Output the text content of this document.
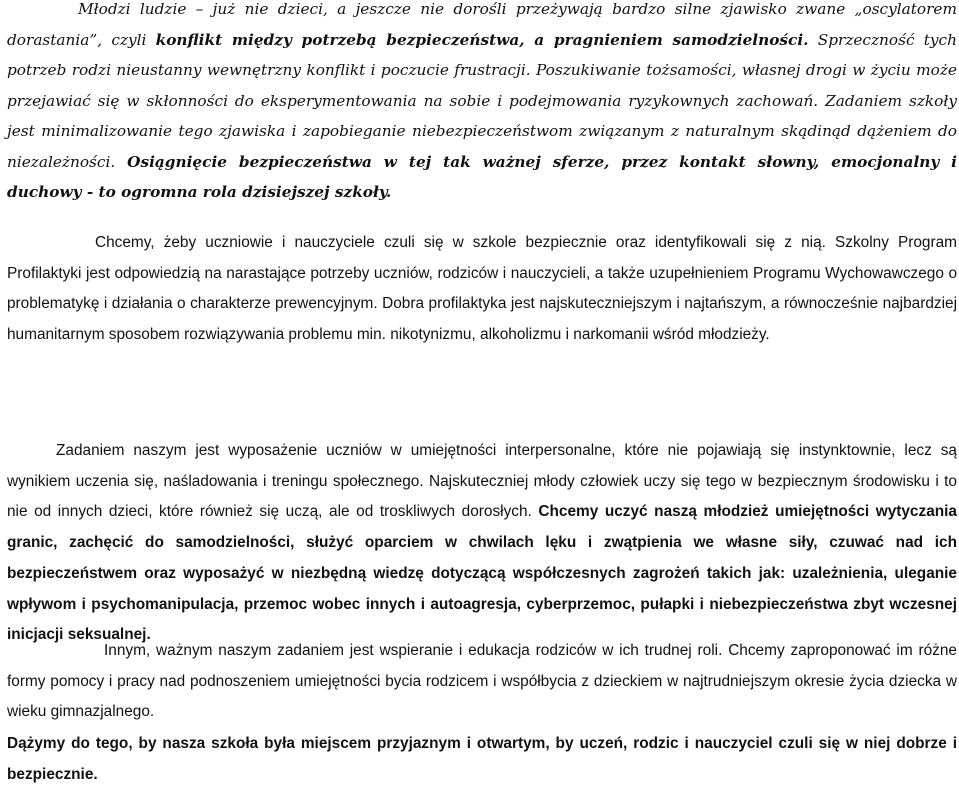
Młodzi ludzie – już nie dzieci, a jeszcze nie dorośli przeżywają bardzo silne zjawisko zwane „oscylatorem dorastania”, czyli konflikt między potrzebą bezpieczeństwa, a pragnieniem samodzielności. Sprzeczność tych potrzeb rodzi nieustanny wewnętrzny konflikt i poczucie frustracji. Poszukiwanie tożsamości, własnej drogi w życiu może przejawiać się w skłonności do eksperymentowania na sobie i podejmowania ryzykownych zachowań. Zadaniem szkoły jest minimalizowanie tego zjawiska i zapobieganie niebezpieczeństwom związanym z naturalnym skądinąd dążeniem do niezależności. Osiągnięcie bezpieczeństwa w tej tak ważnej sferze, przez kontakt słowny, emocjonalny i duchowy - to ogromna rola dzisiejszej szkoły.

Chcemy, żeby uczniowie i nauczyciele czuli się w szkole bezpiecznie oraz identyfikowali się z nią. Szkolny Program Profilaktyki jest odpowiedzią na narastające potrzeby uczniów, rodziców i nauczycieli, a także uzupełnieniem Programu Wychowawczego o problematykę i działania o charakterze prewencyjnym. Dobra profilaktyka jest najskuteczniejszym i najtańszym, a równocześnie najbardziej humanitarnym sposobem rozwiązywania problemu min. nikotynizmu, alkoholizmu i narkomanii wśród młodzieży.

Zadaniem naszym jest wyposażenie uczniów w umiejętności interpersonalne, które nie pojawiają się instynktownie, lecz są wynikiem uczenia się, naśladowania i treningu społecznego. Najskuteczniej młody człowiek uczy się tego w bezpiecznym środowisku i to nie od innych dzieci, które również się uczą, ale od troskliwych dorosłych. Chcemy uczyć naszą młodzież umiejętności wytyczania granic, zachęcić do samodzielności, służyć oparciem w chwilach lęku i zwątpienia we własne siły, czuwać nad ich bezpieczeństwem oraz wyposażyć w niezbędną wiedzę dotyczącą współczesnych zagrożeń takich jak: uzależnienia, uleganie wpływom i psychomanipulacja, przemoc wobec innych i autoagresja, cyberprzemoc, pułapki i niebezpieczeństwa zbyt wczesnej inicjacji seksualnej.

Innym, ważnym naszym zadaniem jest wspieranie i edukacja rodziców w ich trudnej roli. Chcemy zaproponować im różne formy pomocy i pracy nad podnoszeniem umiejętności bycia rodzicem i współbycia z dzieckiem w najtrudniejszym okresie życia dziecka w wieku gimnazjalnego.

Dążymy do tego, by nasza szkoła była miejscem przyjaznym i otwartym, by uczeń, rodzic i nauczyciel czuli się w niej dobrze i bezpiecznie.
